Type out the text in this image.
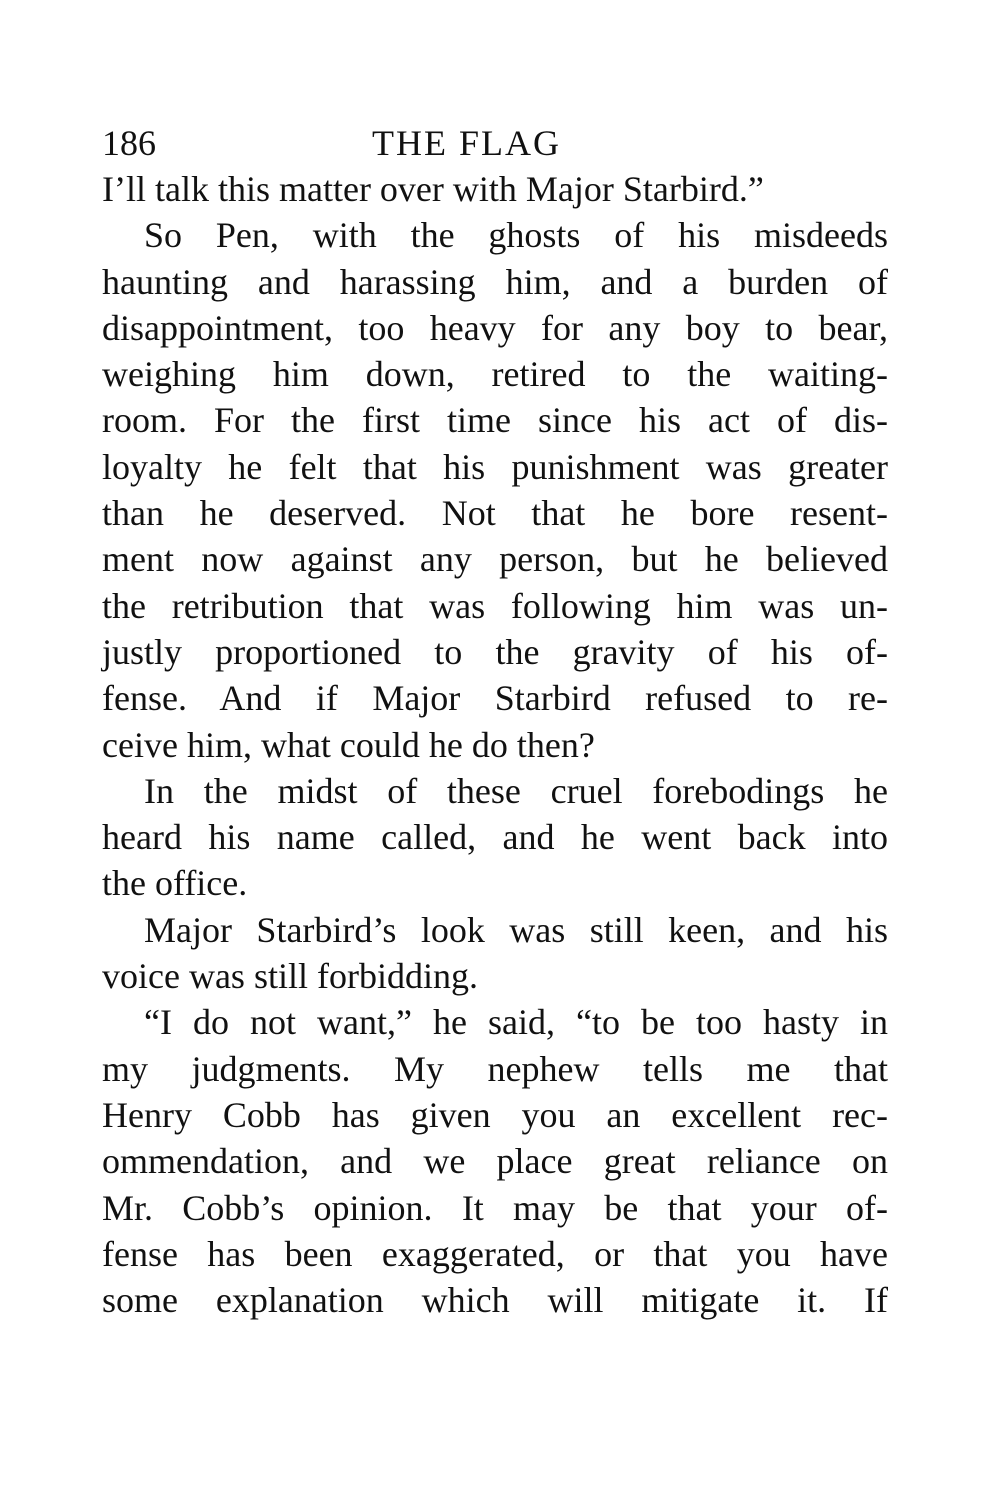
186	THE FLAG
I’ll talk this matter over with Major Starbird.”
So Pen, with the ghosts of his misdeeds
haunting and harassing him, and a burden of
disappointment, too heavy for any boy to bear,
weighing him down, retired to the waiting-
room. For the first time since his act of dis-
loyalty he felt that his punishment was greater
than he deserved. Not that he bore resent-
ment now against any person, but he believed
the retribution that was following him was un-
justly proportioned to the gravity of his of-
fense. And if Major Starbird refused to re-
ceive him, what could he do then?
In the midst of these cruel forebodings he
heard his name called, and he went back into
the office.
Major Starbird’s look was still keen, and his
voice was still forbidding.
“I do not want,” he said, “to be too hasty in
my judgments. My nephew tells me that
Henry Cobb has given you an excellent rec-
ommendation, and we place great reliance on
Mr. Cobb’s opinion. It may be that your of-
fense has been exaggerated, or that you have
some explanation which will mitigate it. If
